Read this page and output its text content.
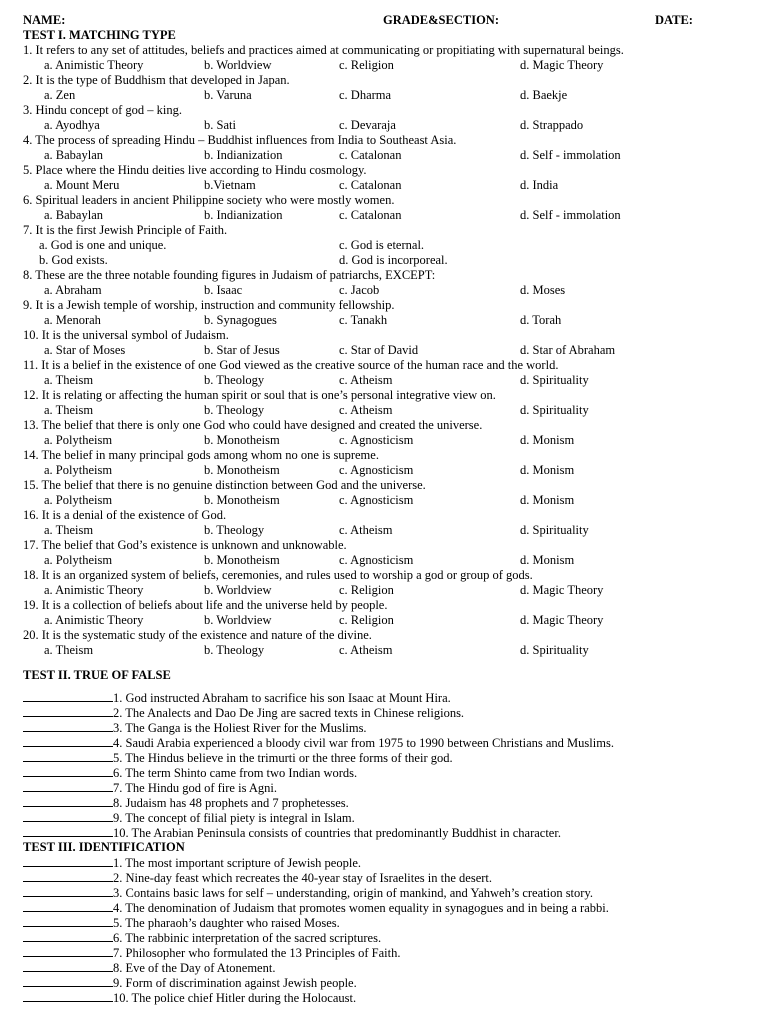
NAME:	GRADE&SECTION:	DATE:
TEST I. MATCHING TYPE
1. It refers to any set of attitudes, beliefs and practices aimed at communicating or propitiating with supernatural beings.
a. Animistic Theory	b. Worldview	c. Religion	d. Magic Theory
2. It is the type of Buddhism that developed in Japan.
a. Zen	b. Varuna	c. Dharma	d. Baekje
3. Hindu concept of god – king.
a. Ayodhya	b. Sati	c. Devaraja	d. Strappado
4. The process of spreading Hindu – Buddhist influences from India to Southeast Asia.
a. Babaylan	b. Indianization	c. Catalonan	d. Self - immolation
5. Place where the Hindu deities live according to Hindu cosmology.
a. Mount Meru	b.Vietnam	c. Catalonan	d. India
6. Spiritual leaders in ancient Philippine society who were mostly women.
a. Babaylan	b. Indianization	c. Catalonan	d. Self - immolation
7. It is the first Jewish Principle of Faith.
a. God is one and unique.	c. God is eternal.
b. God exists.	d. God is incorporeal.
8. These are the three notable founding figures in Judaism of patriarchs, EXCEPT:
a. Abraham	b. Isaac	c. Jacob	d. Moses
9. It is a Jewish temple of worship, instruction and community fellowship.
a. Menorah	b. Synagogues	c. Tanakh	d. Torah
10. It is the universal symbol of Judaism.
a. Star of Moses	b. Star of Jesus	c. Star of David	d. Star of Abraham
11. It is a belief in the existence of one God viewed as the creative source of the human race and the world.
a. Theism	b. Theology	c. Atheism	d. Spirituality
12. It is relating or affecting the human spirit or soul that is one’s personal integrative view on.
a. Theism	b. Theology	c. Atheism	d. Spirituality
13. The belief that there is only one God who could have designed and created the universe.
a. Polytheism	b. Monotheism	c. Agnosticism	d. Monism
14. The belief in many principal gods among whom no one is supreme.
a. Polytheism	b. Monotheism	c. Agnosticism	d. Monism
15. The belief that there is no genuine distinction between God and the universe.
a. Polytheism	b. Monotheism	c. Agnosticism	d. Monism
16. It is a denial of the existence of God.
a. Theism	b. Theology	c. Atheism	d. Spirituality
17. The belief that God’s existence is unknown and unknowable.
a. Polytheism	b. Monotheism	c. Agnosticism	d. Monism
18. It is an organized system of beliefs, ceremonies, and rules used to worship a god or group of gods.
a. Animistic Theory	b. Worldview	c. Religion	d. Magic Theory
19. It is a collection of beliefs about life and the universe held by people.
a. Animistic Theory	b. Worldview	c. Religion	d. Magic Theory
20. It is the systematic study of the existence and nature of the divine.
a. Theism	b. Theology	c. Atheism	d. Spirituality
TEST II. TRUE OF FALSE
1. God instructed Abraham to sacrifice his son Isaac at Mount Hira.
2. The Analects and Dao De Jing are sacred texts in Chinese religions.
3. The Ganga is the Holiest River for the Muslims.
4. Saudi Arabia experienced a bloody civil war from 1975 to 1990 between Christians and Muslims.
5. The Hindus believe in the trimurti or the three forms of their god.
6. The term Shinto came from two Indian words.
7. The Hindu god of fire is Agni.
8. Judaism has 48 prophets and 7 prophetesses.
9. The concept of filial piety is integral in Islam.
10. The Arabian Peninsula consists of countries that predominantly Buddhist in character.
TEST III. IDENTIFICATION
1. The most important scripture of Jewish people.
2. Nine-day feast which recreates the 40-year stay of Israelites in the desert.
3. Contains basic laws for self – understanding, origin of mankind, and Yahweh’s creation story.
4. The denomination of Judaism that promotes women equality in synagogues and in being a rabbi.
5. The pharaoh’s daughter who raised Moses.
6. The rabbinic interpretation of the sacred scriptures.
7. Philosopher who formulated the 13 Principles of Faith.
8. Eve of the Day of Atonement.
9. Form of discrimination against Jewish people.
10. The police chief Hitler during the Holocaust.
